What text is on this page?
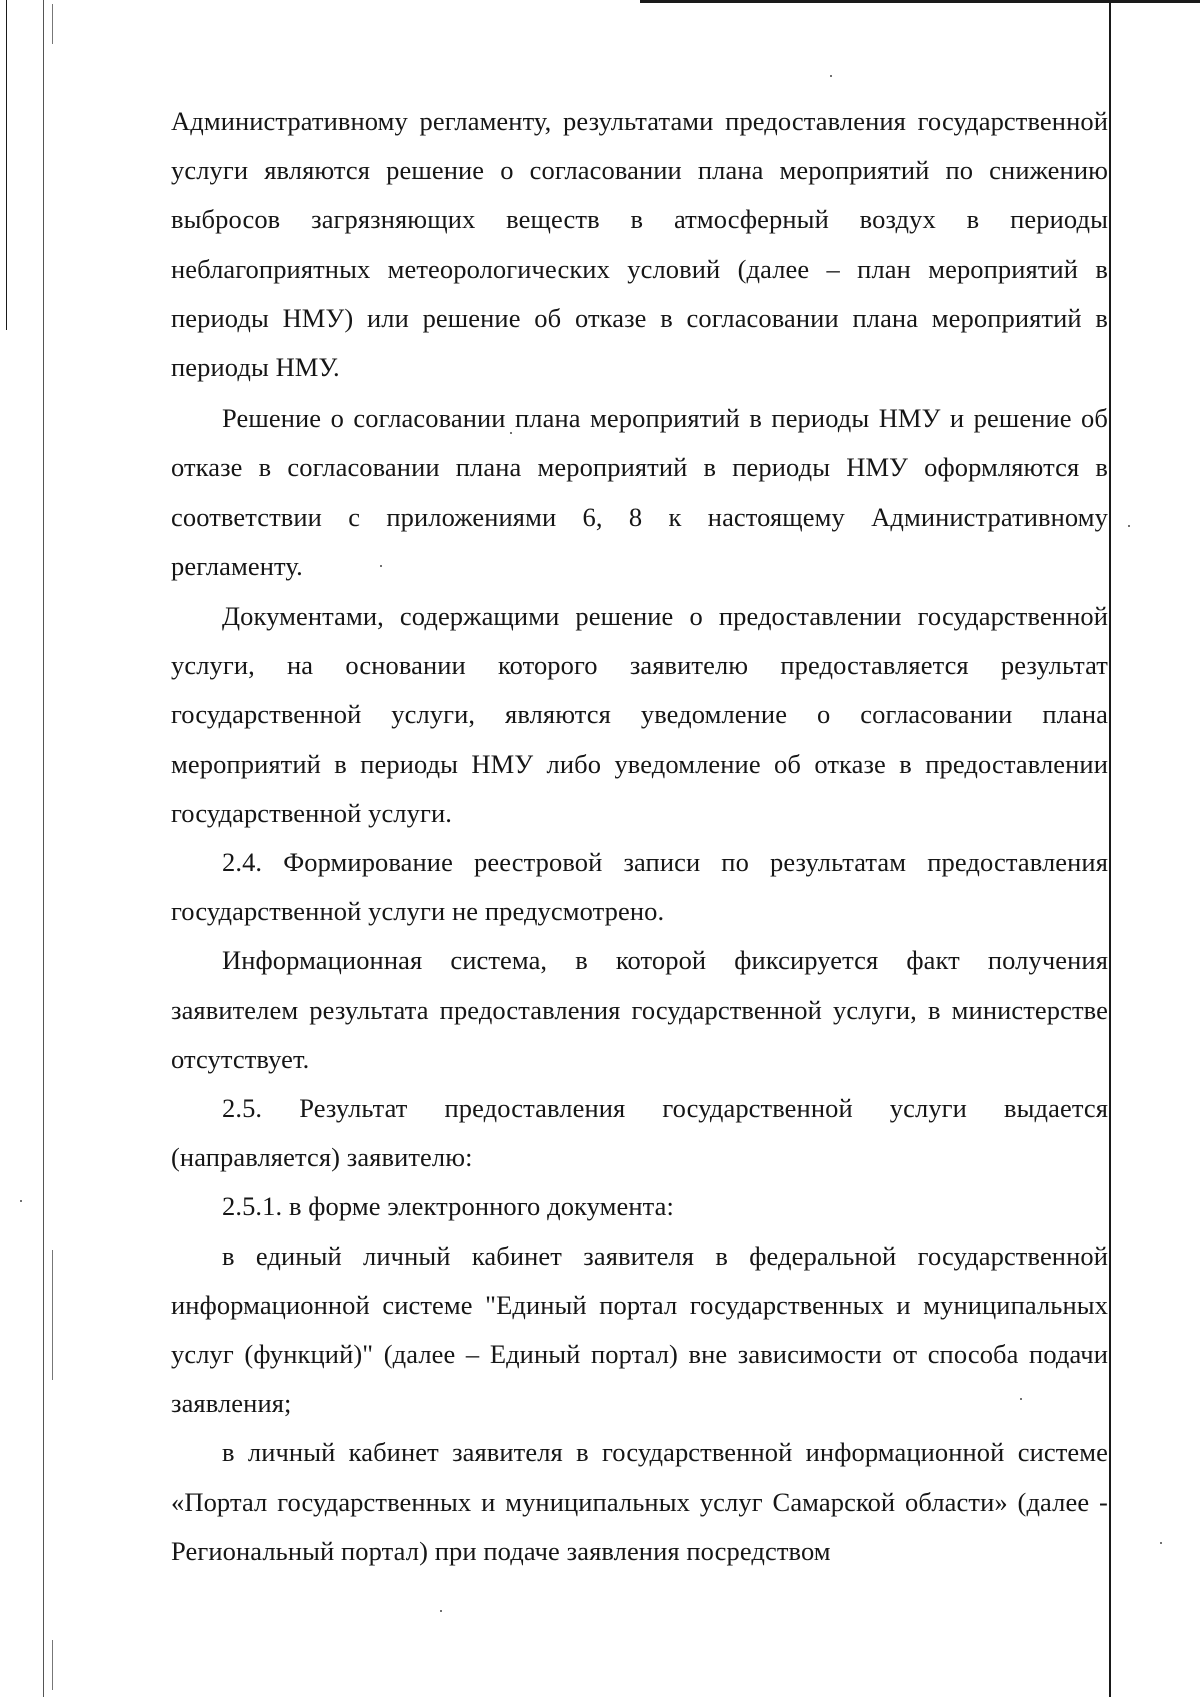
Административному регламенту, результатами предоставления государственной услуги являются решение о согласовании плана мероприятий по снижению выбросов загрязняющих веществ в атмосферный воздух в периоды неблагоприятных метеорологических условий (далее – план мероприятий в периоды НМУ) или решение об отказе в согласовании плана мероприятий в периоды НМУ.

Решение о согласовании плана мероприятий в периоды НМУ и решение об отказе в согласовании плана мероприятий в периоды НМУ оформляются в соответствии с приложениями 6, 8 к настоящему Административному регламенту.

Документами, содержащими решение о предоставлении государственной услуги, на основании которого заявителю предоставляется результат государственной услуги, являются уведомление о согласовании плана мероприятий в периоды НМУ либо уведомление об отказе в предоставлении государственной услуги.

2.4. Формирование реестровой записи по результатам предоставления государственной услуги не предусмотрено.

Информационная система, в которой фиксируется факт получения заявителем результата предоставления государственной услуги, в министерстве отсутствует.

2.5. Результат предоставления государственной услуги выдается (направляется) заявителю:

2.5.1. в форме электронного документа:

в единый личный кабинет заявителя в федеральной государственной информационной системе "Единый портал государственных и муниципальных услуг (функций)" (далее – Единый портал) вне зависимости от способа подачи заявления;

в личный кабинет заявителя в государственной информационной системе «Портал государственных и муниципальных услуг Самарской области» (далее - Региональный портал) при подаче заявления посредством
